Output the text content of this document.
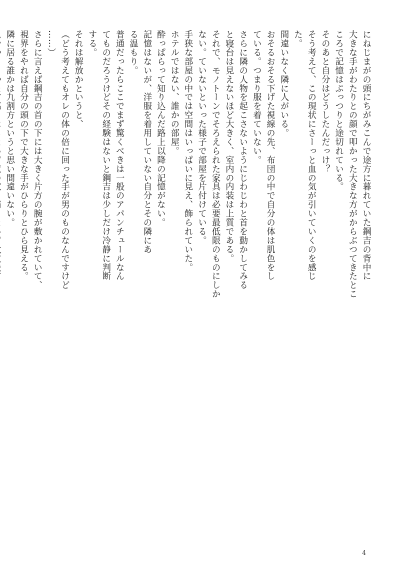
にねじまがの頭にちがみこんで途方に暮れていた鋼吉の背中に
大きな手がわたりとの顔で叩かった大きな方がからぶつてきたとこ
ころで記憶はぷっつりと途切れている。
そのあと自分はどうしたんだっけ？
そう考えて、この現状にさーっと血の気が引いていくのを感じ
た。

間違いなく隣に人がいる。
おそるおそる下げた視線の先、布団の中で自分の体は肌色をし
ている。つまり服を着ていない。
さらに隣の人物を起こさないようにじわじわと首を動かしてみる
と寝台は見えないほど大きく、室内の内装は上質である。
それで、モノトーンでそろえられた家具は必要最低限のものにしか
ない。ていないといった様子で部屋を片付けている。
手狭な部屋の中では空間はいっぱいに見え、飾られていた。
ホテルではない、誰かの部屋。
酔っぱらって知り込んだ路上以降の記憶がない。
記憶はないが、洋服を着用していない自分とその隣にあ
る温もり。
普通だったらここでまず驚くべきは一般のアパンチュールなん
てものだろうけどその経験はないと鋼吉は少しだけ冷静に判断
する。

それは解放かというと、
（どう考えてもオレの体の倍に回った手が男のものなんですけど
……）
さらに言えば鋼吉の首の下には大きく片方の腕が敷かれていて、
視界をやれば自分の頭の下で大きな手がひらりとひら見える。
隣に居る誰かは九割方というと思い間違いない。

4
